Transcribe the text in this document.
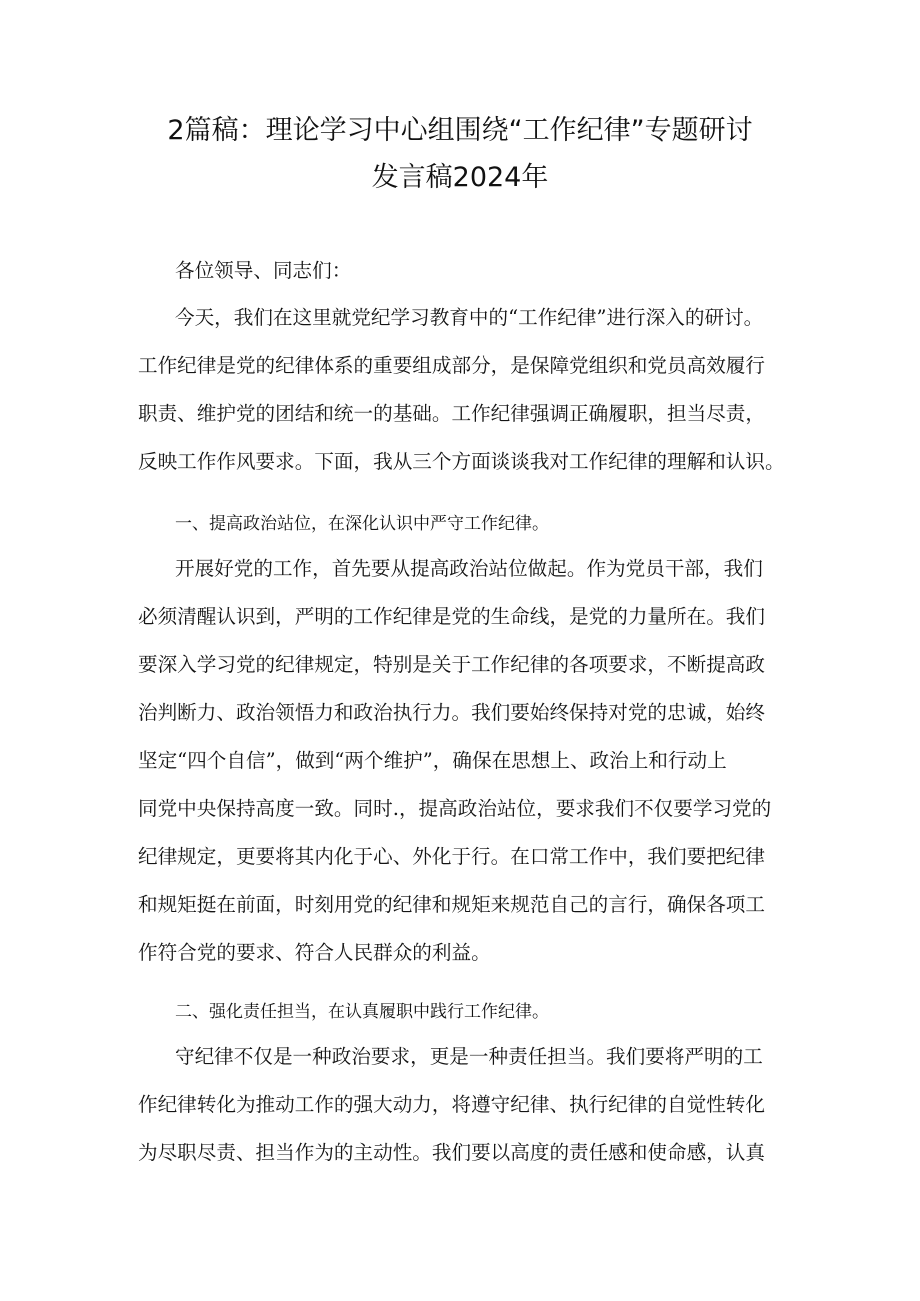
2篇稿：理论学习中心组围绕“工作纪律”专题研讨
发言稿2024年
各位领导、同志们：
今天，我们在这里就党纪学习教育中的“工作纪律”进行深入的研讨。
工作纪律是党的纪律体系的重要组成部分，是保障党组织和党员高效履行
职责、维护党的团结和统一的基础。工作纪律强调正确履职，担当尽责，
反映工作作风要求。下面，我从三个方面谈谈我对工作纪律的理解和认识。
一、提高政治站位，在深化认识中严守工作纪律。
开展好党的工作，首先要从提高政治站位做起。作为党员干部，我们
必须清醒认识到，严明的工作纪律是党的生命线，是党的力量所在。我们
要深入学习党的纪律规定，特别是关于工作纪律的各项要求，不断提高政
治判断力、政治领悟力和政治执行力。我们要始终保持对党的忠诚，始终
坚定“四个自信”，做到“两个维护”，确保在思想上、政治上和行动上
同党中央保持高度一致。同时.，提高政治站位，要求我们不仅要学习党的
纪律规定，更要将其内化于心、外化于行。在口常工作中，我们要把纪律
和规矩挺在前面，时刻用党的纪律和规矩来规范自己的言行，确保各项工
作符合党的要求、符合人民群众的利益。
二、强化责任担当，在认真履职中践行工作纪律。
守纪律不仅是一种政治要求，更是一种责任担当。我们要将严明的工
作纪律转化为推动工作的强大动力，将遵守纪律、执行纪律的自觉性转化
为尽职尽责、担当作为的主动性。我们要以高度的责任感和使命感，认真
